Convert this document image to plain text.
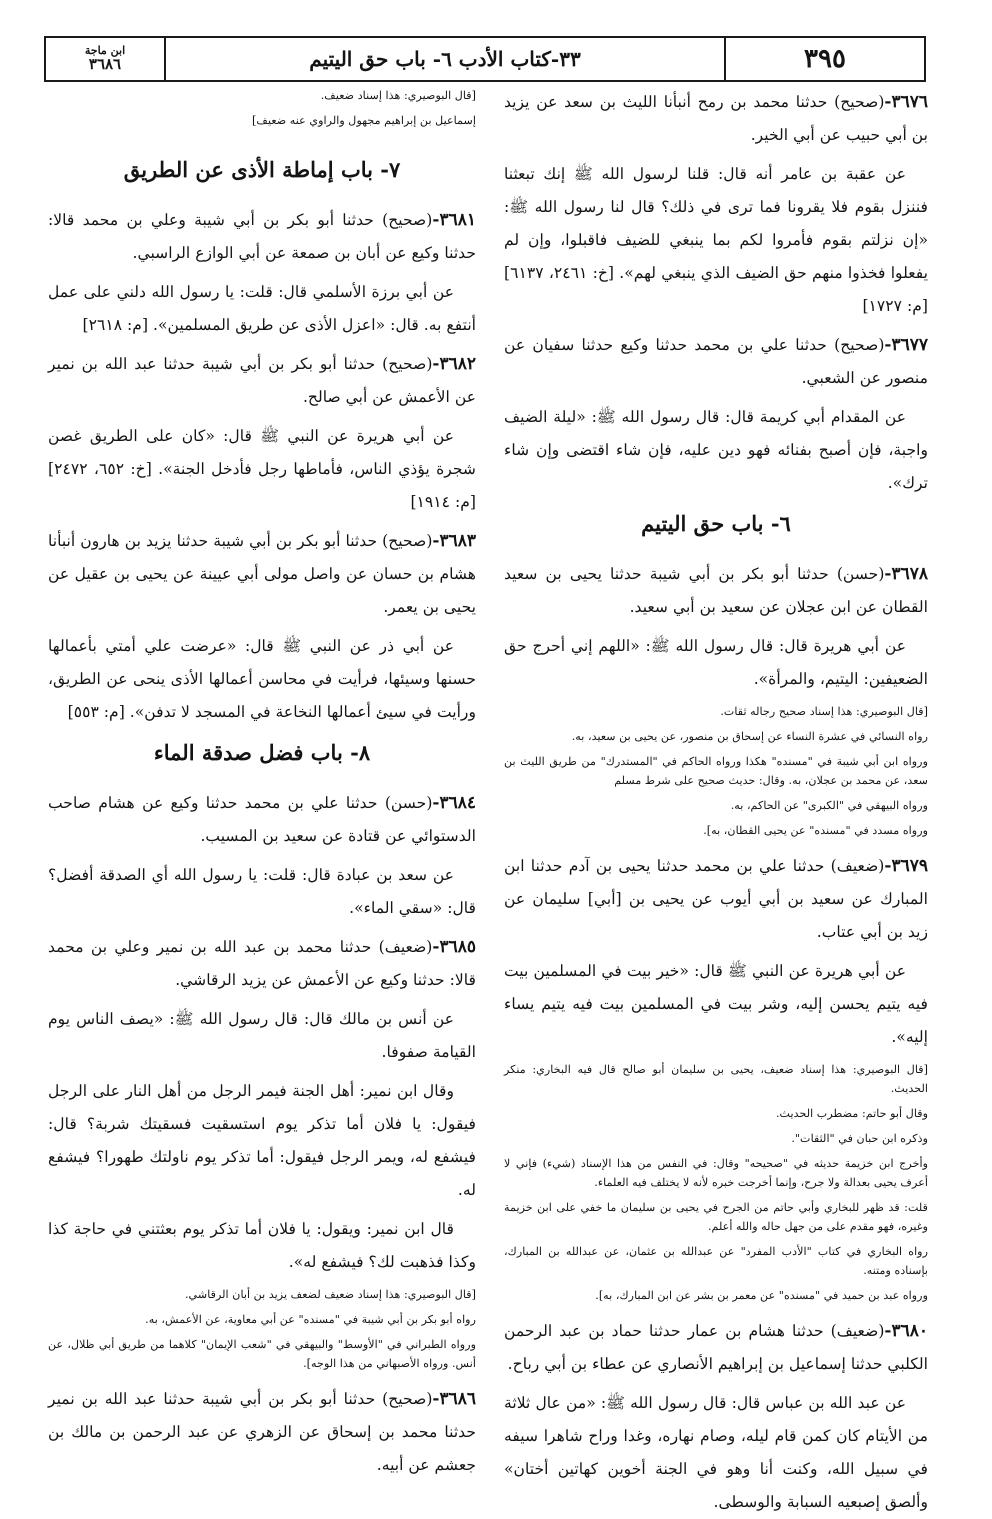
٣٩٥
٣٣-كتاب الأدب ٦- باب حق اليتيم
ابن ماجة
٣٦٨٦

٣٦٧٦-(صحيح) حدثنا محمد بن رمح أنبأنا الليث بن سعد عن يزيد بن أبي حبيب عن أبي الخير.

عن عقبة بن عامر أنه قال: قلنا لرسول الله ﷺ إنك تبعثنا فننزل بقوم فلا يقرونا فما ترى في ذلك؟ قال لنا رسول الله ﷺ: «إن نزلتم بقوم فأمروا لكم بما ينبغي للضيف فاقبلوا، وإن لم يفعلوا فخذوا منهم حق الضيف الذي ينبغي لهم». [خ: ٢٤٦١، ٦١٣٧] [م: ١٧٢٧]

٣٦٧٧-(صحيح) حدثنا علي بن محمد حدثنا وكيع حدثنا سفيان عن منصور عن الشعبي.

عن المقدام أبي كريمة قال: قال رسول الله ﷺ: «ليلة الضيف واجبة، فإن أصبح بفنائه فهو دين عليه، فإن شاء اقتضى وإن شاء ترك».

٦- باب حق اليتيم

٣٦٧٨-(حسن) حدثنا أبو بكر بن أبي شيبة حدثنا يحيى بن سعيد القطان عن ابن عجلان عن سعيد بن أبي سعيد.

عن أبي هريرة قال: قال رسول الله ﷺ: «اللهم إني أحرج حق الضعيفين: اليتيم، والمرأة».

[قال البوصيري: هذا إسناد صحيح رجاله ثقات.

رواه النسائي في عشرة النساء عن إسحاق بن منصور، عن يحيى بن سعيد، به.

ورواه ابن أبي شيبة في "مسنده" هكذا ورواه الحاكم في "المستدرك" من طريق الليث بن سعد، عن محمد بن عجلان، به. وقال: حديث صحيح على شرط مسلم

ورواه البيهقي في "الكبرى" عن الحاكم، به.

ورواه مسدد في "مسنده" عن يحيى القطان، به].

٣٦٧٩-(ضعيف) حدثنا علي بن محمد حدثنا يحيى بن آدم حدثنا ابن المبارك عن سعيد بن أبي أيوب عن يحيى بن [أبي] سليمان عن زيد بن أبي عتاب.

عن أبي هريرة عن النبي ﷺ قال: «خير بيت في المسلمين بيت فيه يتيم يحسن إليه، وشر بيت في المسلمين بيت فيه يتيم يساء إليه».

[قال البوصيري: هذا إسناد ضعيف، يحيى بن سليمان أبو صالح قال فيه البخاري: منكر الحديث.

وقال أبو حاتم: مضطرب الحديث.

وذكره ابن حبان في "الثقات".

وأخرج ابن خزيمة حديثه في "صحيحه" وقال: في النفس من هذا الإسناد (شيء) فإني لا أعرف يحيى بعدالة ولا جرح، وإنما أخرجت خبره لأنه لا يختلف فيه العلماء.

قلت: قد ظهر للبخاري وأبي حاتم من الجرح في يحيى بن سليمان ما خفي على ابن خزيمة وغيره، فهو مقدم على من جهل حاله والله أعلم.

رواه البخاري في كتاب "الأدب المفرد" عن عبدالله بن عثمان، عن عبدالله بن المبارك، بإسناده ومتنه.

ورواه عبد بن حميد في "مسنده" عن معمر بن بشر عن ابن المبارك، به].

٣٦٨٠-(ضعيف) حدثنا هشام بن عمار حدثنا حماد بن عبد الرحمن الكلبي حدثنا إسماعيل بن إبراهيم الأنصاري عن عطاء بن أبي رباح.

عن عبد الله بن عباس قال: قال رسول الله ﷺ: «من عال ثلاثة من الأيتام كان كمن قام ليله، وصام نهاره، وغدا وراح شاهرا سيفه في سبيل الله، وكنت أنا وهو في الجنة أخوين كهاتين أختان» وألصق إصبعيه السبابة والوسطى.

[قال البوصيري: هذا إسناد ضعيف.

إسماعيل بن إبراهيم مجهول والراوي عنه ضعيف]

٧- باب إماطة الأذى عن الطريق

٣٦٨١-(صحيح) حدثنا أبو بكر بن أبي شيبة وعلي بن محمد قالا: حدثنا وكيع عن أبان بن صمعة عن أبي الوازع الراسبي.

عن أبي برزة الأسلمي قال: قلت: يا رسول الله دلني على عمل أنتفع به. قال: «اعزل الأذى عن طريق المسلمين». [م: ٢٦١٨]

٣٦٨٢-(صحيح) حدثنا أبو بكر بن أبي شيبة حدثنا عبد الله بن نمير عن الأعمش عن أبي صالح.

عن أبي هريرة عن النبي ﷺ قال: «كان على الطريق غصن شجرة يؤذي الناس، فأماطها رجل فأدخل الجنة». [خ: ٦٥٢، ٢٤٧٢] [م: ١٩١٤]

٣٦٨٣-(صحيح) حدثنا أبو بكر بن أبي شيبة حدثنا يزيد بن هارون أنبأنا هشام بن حسان عن واصل مولى أبي عيينة عن يحيى بن عقيل عن يحيى بن يعمر.

عن أبي ذر عن النبي ﷺ قال: «عرضت علي أمتي بأعمالها حسنها وسيئها، فرأيت في محاسن أعمالها الأذى ينحى عن الطريق، ورأيت في سيئ أعمالها النخاعة في المسجد لا تدفن». [م: ٥٥٣]

٨- باب فضل صدقة الماء

٣٦٨٤-(حسن) حدثنا علي بن محمد حدثنا وكيع عن هشام صاحب الدستوائي عن قتادة عن سعيد بن المسيب.

عن سعد بن عبادة قال: قلت: يا رسول الله أي الصدقة أفضل؟ قال: «سقي الماء».

٣٦٨٥-(ضعيف) حدثنا محمد بن عبد الله بن نمير وعلي بن محمد قالا: حدثنا وكيع عن الأعمش عن يزيد الرقاشي.

عن أنس بن مالك قال: قال رسول الله ﷺ: «يصف الناس يوم القيامة صفوفا.

وقال ابن نمير: أهل الجنة فيمر الرجل من أهل النار على الرجل فيقول: يا فلان أما تذكر يوم استسقيت فسقيتك شربة؟ قال: فيشفع له، ويمر الرجل فيقول: أما تذكر يوم ناولتك طهورا؟ فيشفع له.

قال ابن نمير: ويقول: يا فلان أما تذكر يوم بعثتني في حاجة كذا وكذا فذهبت لك؟ فيشفع له».

[قال البوصيري: هذا إسناد ضعيف لضعف يزيد بن أبان الرقاشي.

رواه أبو بكر بن أبي شيبة في "مسنده" عن أبي معاوية، عن الأعمش، به.

ورواه الطبراني في "الأوسط" والبيهقي في "شعب الإيمان" كلاهما من طريق أبي ظلال، عن أنس. ورواه الأصبهاني من هذا الوجه].

٣٦٨٦-(صحيح) حدثنا أبو بكر بن أبي شيبة حدثنا عبد الله بن نمير حدثنا محمد بن إسحاق عن الزهري عن عبد الرحمن بن مالك بن جعشم عن أبيه.
